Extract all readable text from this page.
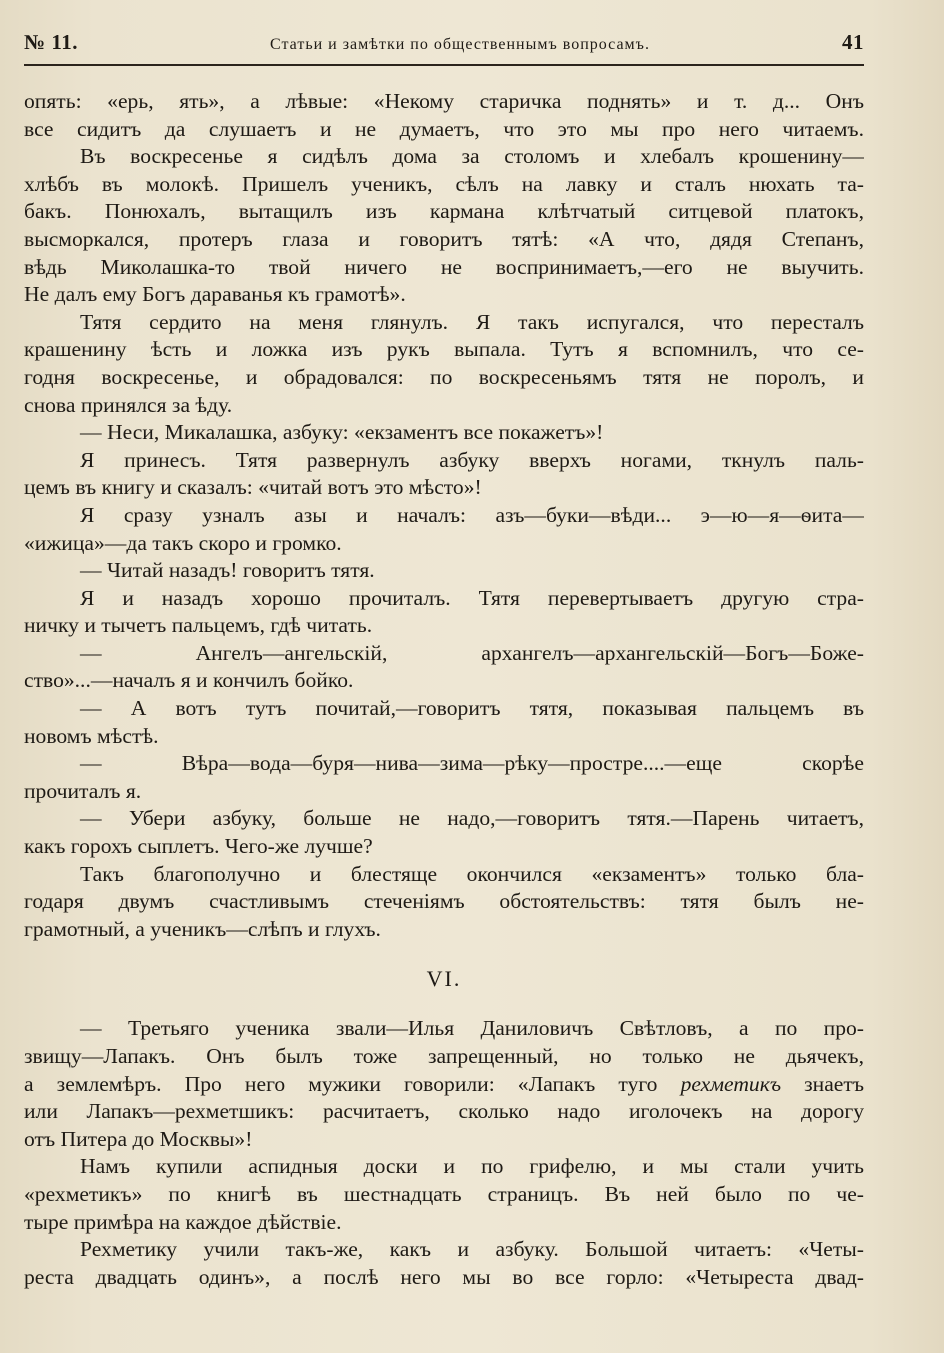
№ 11.	Статьи и замѣтки по общественнымъ вопросамъ.	41
опять: «ерь, ять», а лѣвые: «Некому старичка поднять» и т. д... Онъ
все сидитъ да слушаетъ и не думаетъ, что это мы про него читаемъ.
Въ воскресенье я сидѣлъ дома за столомъ и хлебалъ крошенину—
хлѣбъ въ молокѣ. Пришелъ ученикъ, сѣлъ на лавку и сталъ нюхать та-
бакъ. Понюхалъ, вытащилъ изъ кармана клѣтчатый ситцевой платокъ,
высморкался, протеръ глаза и говоритъ тятѣ: «А что, дядя Степанъ,
вѣдь Миколашка-то твой ничего не воспринимаетъ,—его не выучить.
Не далъ ему Богъ дараванья къ грамотѣ».
Тятя сердито на меня глянулъ. Я такъ испугался, что пересталъ
крашенину ѣсть и ложка изъ рукъ выпала. Тутъ я вспомнилъ, что се-
годня воскресенье, и обрадовался: по воскресеньямъ тятя не поролъ, и
снова принялся за ѣду.
— Неси, Микалашка, азбуку: «екзаментъ все покажетъ»!
Я принесъ. Тятя развернулъ азбуку вверхъ ногами, ткнулъ паль-
цемъ въ книгу и сказалъ: «читай вотъ это мѣсто»!
Я сразу узналъ азы и началъ: азъ—буки—вѣди... э—ю—я—ѳита—
«ижица»—да такъ скоро и громко.
— Читай назадъ! говоритъ тятя.
Я и назадъ хорошо прочиталъ. Тятя перевертываетъ другую стра-
ничку и тычетъ пальцемъ, гдѣ читать.
— Ангелъ—ангельскій, архангелъ—архангельскій—Богъ—Боже-
ство»...—началъ я и кончилъ бойко.
— А вотъ тутъ почитай,—говоритъ тятя, показывая пальцемъ въ
новомъ мѣстѣ.
— Вѣра—вода—буря—нива—зима—рѣку—простре....—еще скорѣе
прочиталъ я.
— Убери азбуку, больше не надо,—говоритъ тятя.—Парень читаетъ,
какъ горохъ сыплетъ. Чего-же лучше?
Такъ благополучно и блестяще окончился «екзаментъ» только бла-
годаря двумъ счастливымъ стеченіямъ обстоятельствъ: тятя былъ не-
грамотный, а ученикъ—слѣпъ и глухъ.
VI.
— Третьяго ученика звали—Илья Даниловичъ Свѣтловъ, а по про-
звищу—Лапакъ. Онъ былъ тоже запрещенный, но только не дьячекъ,
а землемѣръ. Про него мужики говорили: «Лапакъ туго рехметикъ знаетъ
или Лапакъ—рехметшикъ: расчитаетъ, сколько надо иголочекъ на дорогу
отъ Питера до Москвы»!
Намъ купили аспидныя доски и по грифелю, и мы стали учить
«рехметикъ» по книгѣ въ шестнадцать страницъ. Въ ней было по че-
тыре примѣра на каждое дѣйствіе.
Рехметику учили такъ-же, какъ и азбуку. Большой читаетъ: «Четы-
реста двадцать одинъ», а послѣ него мы во все горло: «Четыреста двад-
